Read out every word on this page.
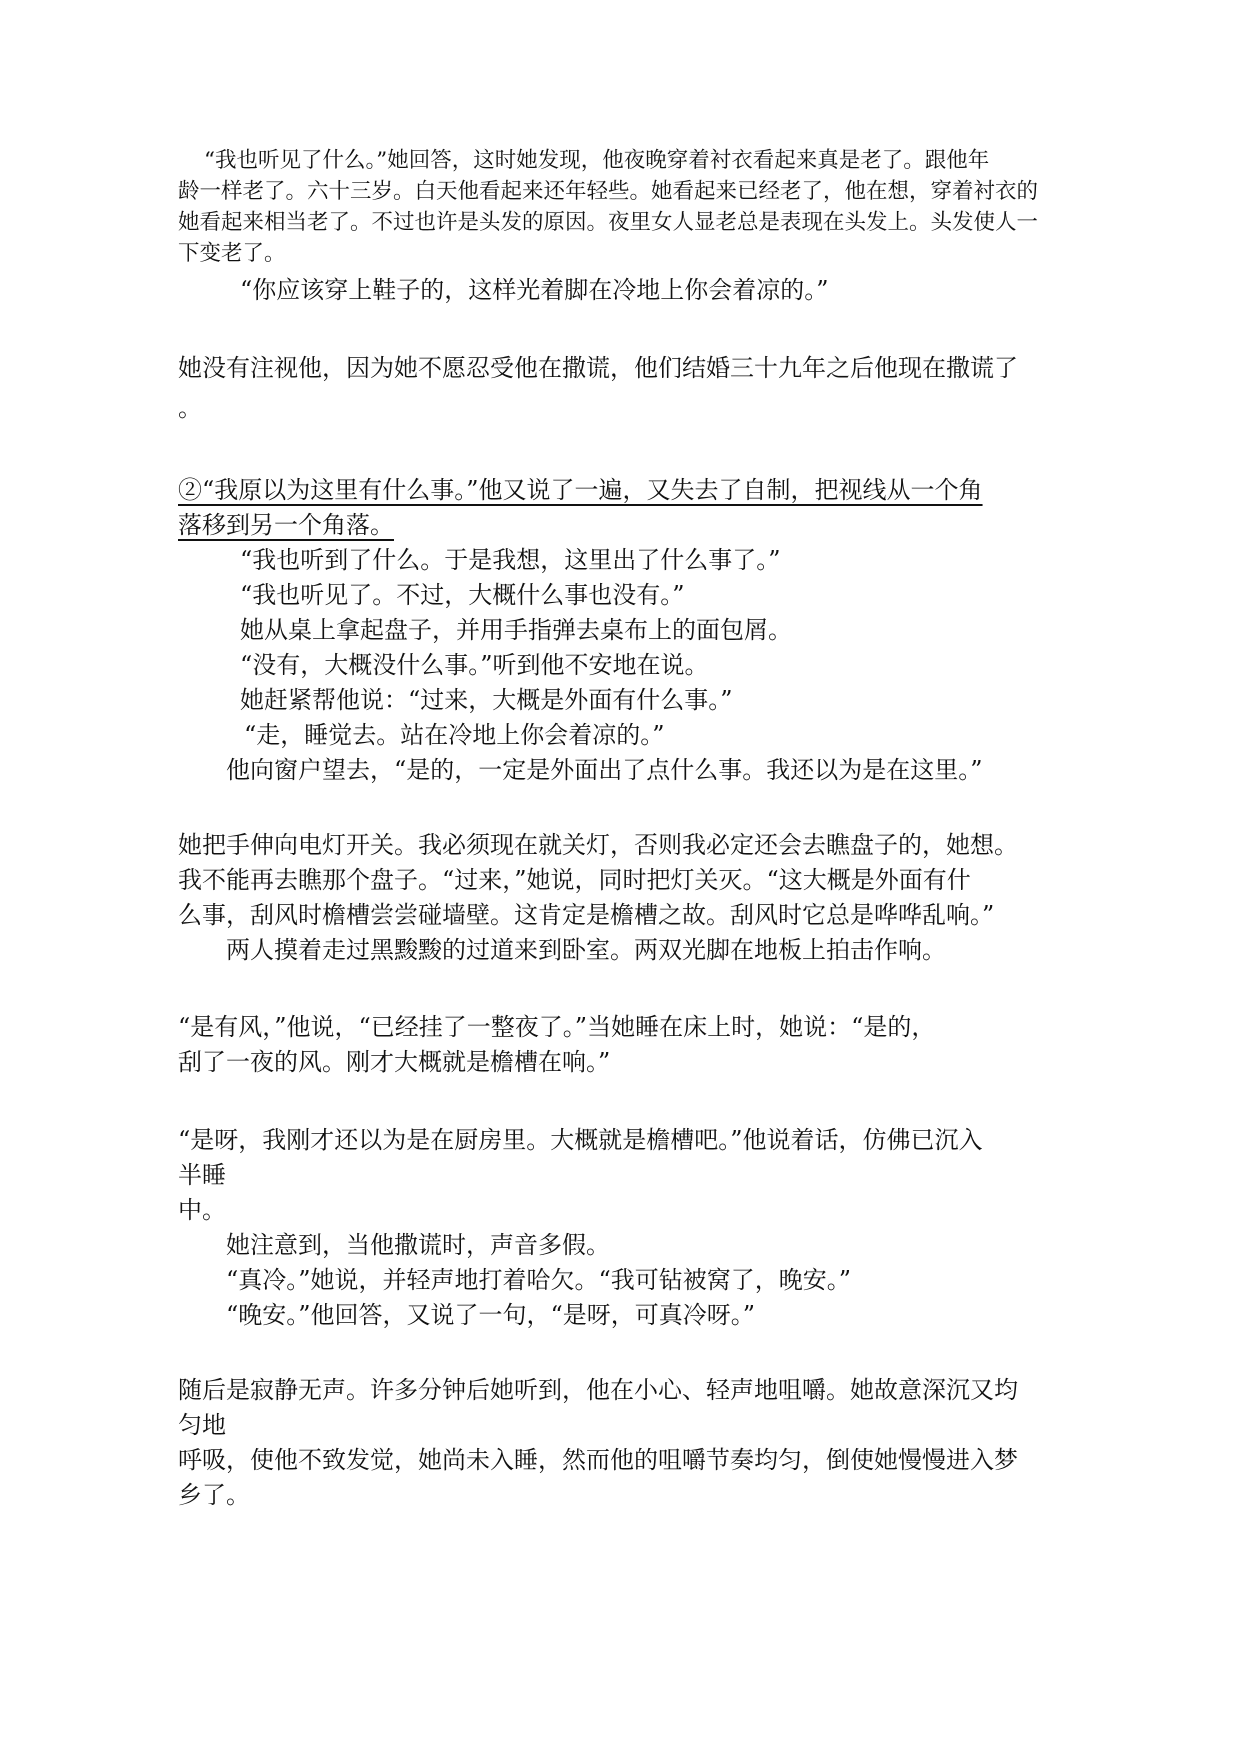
“我也听见了什么。”她回答，这时她发现，他夜晚穿着衬衣看起来真是老了。跟他年
龄一样老了。六十三岁。白天他看起来还年轻些。她看起来已经老了，他在想，穿着衬衣的
她看起来相当老了。不过也许是头发的原因。夜里女人显老总是表现在头发上。头发使人一
下变老了。
“你应该穿上鞋子的，这样光着脚在冷地上你会着凉的。”
她没有注视他，因为她不愿忍受他在撒谎，他们结婚三十九年之后他现在撒谎了
。
②“我原以为这里有什么事。”他又说了一遍，又失去了自制，把视线从一个角
落移到另一个角落。
“我也听到了什么。于是我想，这里出了什么事了。”
“我也听见了。不过，大概什么事也没有。”
她从桌上拿起盘子，并用手指弹去桌布上的面包屑。
“没有，大概没什么事。”听到他不安地在说。
她赶紧帮他说：“过来，大概是外面有什么事。”
“走，睡觉去。站在冷地上你会着凉的。”
他向窗户望去，“是的，一定是外面出了点什么事。我还以为是在这里。”
她把手伸向电灯开关。我必须现在就关灯，否则我必定还会去瞧盘子的，她想。
我不能再去瞧那个盘子。“过来，”她说，同时把灯关灭。“这大概是外面有什
么事，刮风时檐槽尝尝碰墙壁。这肯定是檐槽之故。刮风时它总是哗哗乱响。”
两人摸着走过黑黢黢的过道来到卧室。两双光脚在地板上拍击作响。
“是有风，”他说，“已经挂了一整夜了。”当她睡在床上时，她说：“是的，
刮了一夜的风。刚才大概就是檐槽在响。”
“是呀，我刚才还以为是在厨房里。大概就是檐槽吧。”他说着话，仿佛已沉入
半睡
中。
她注意到，当他撒谎时，声音多假。
“真冷。”她说，并轻声地打着哈欠。“我可钻被窝了，晚安。”
“晚安。”他回答，又说了一句，“是呀，可真冷呀。”
随后是寂静无声。许多分钟后她听到，他在小心、轻声地咀嚼。她故意深沉又均
匀地
呼吸，使他不致发觉，她尚未入睡，然而他的咀嚼节奏均匀，倒使她慢慢进入梦
乡了。
